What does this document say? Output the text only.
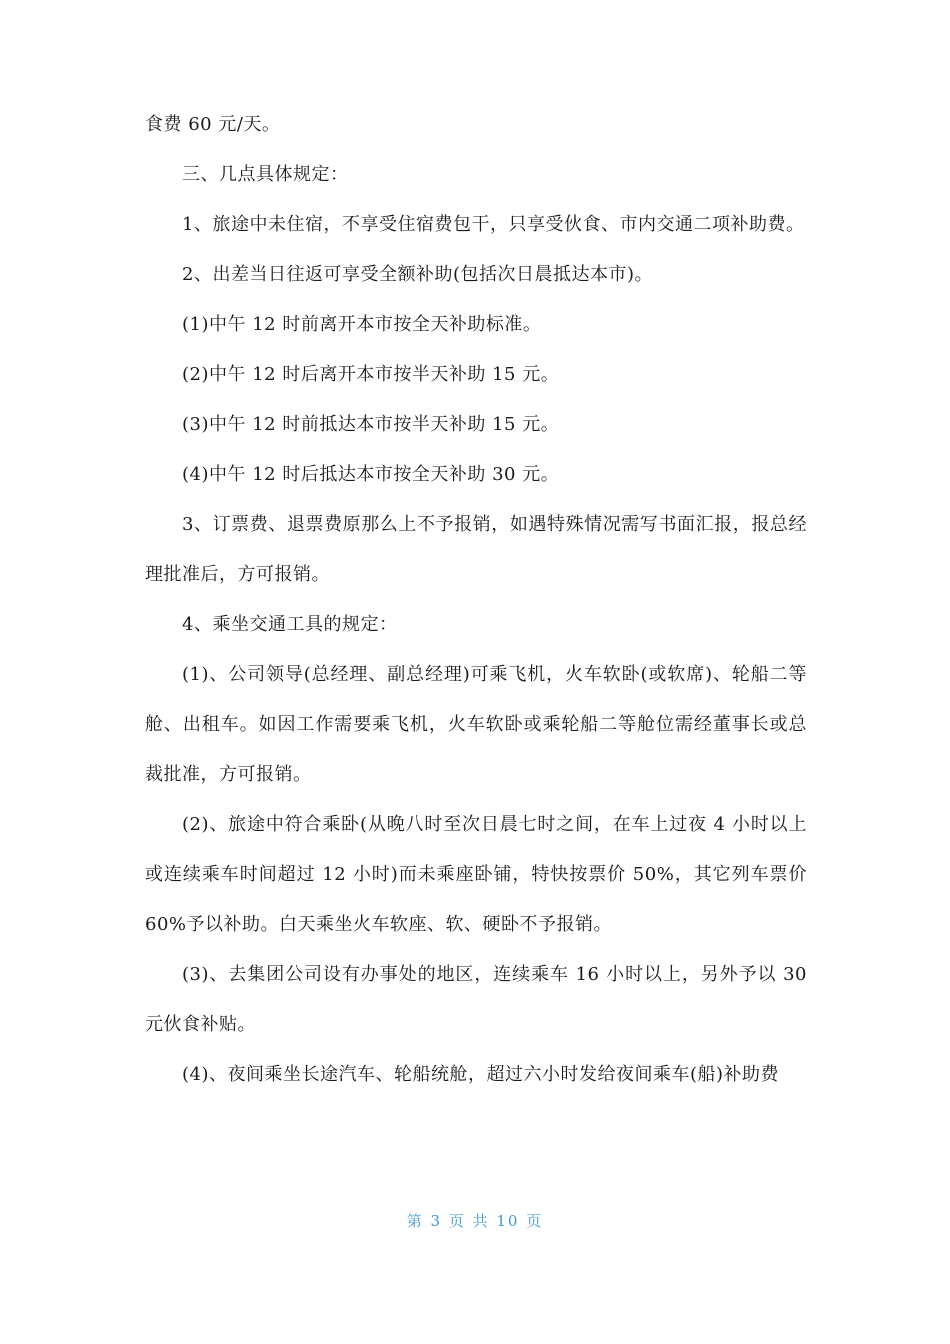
食费 60 元/天。

三、几点具体规定：

1、旅途中未住宿，不享受住宿费包干，只享受伙食、市内交通二项补助费。

2、出差当日往返可享受全额补助(包括次日晨抵达本市)。

(1)中午 12 时前离开本市按全天补助标准。

(2)中午 12 时后离开本市按半天补助 15 元。

(3)中午 12 时前抵达本市按半天补助 15 元。

(4)中午 12 时后抵达本市按全天补助 30 元。

3、订票费、退票费原那么上不予报销，如遇特殊情况需写书面汇报，报总经理批准后，方可报销。

4、乘坐交通工具的规定：

(1)、公司领导(总经理、副总经理)可乘飞机，火车软卧(或软席)、轮船二等舱、出租车。如因工作需要乘飞机，火车软卧或乘轮船二等舱位需经董事长或总裁批准，方可报销。

(2)、旅途中符合乘卧(从晚八时至次日晨七时之间，在车上过夜 4 小时以上或连续乘车时间超过 12 小时)而未乘座卧铺，特快按票价 50%，其它列车票价 60%予以补助。白天乘坐火车软座、软、硬卧不予报销。

(3)、去集团公司设有办事处的地区，连续乘车 16 小时以上，另外予以 30 元伙食补贴。

(4)、夜间乘坐长途汽车、轮船统舱，超过六小时发给夜间乘车(船)补助费

第 3 页 共 10 页
